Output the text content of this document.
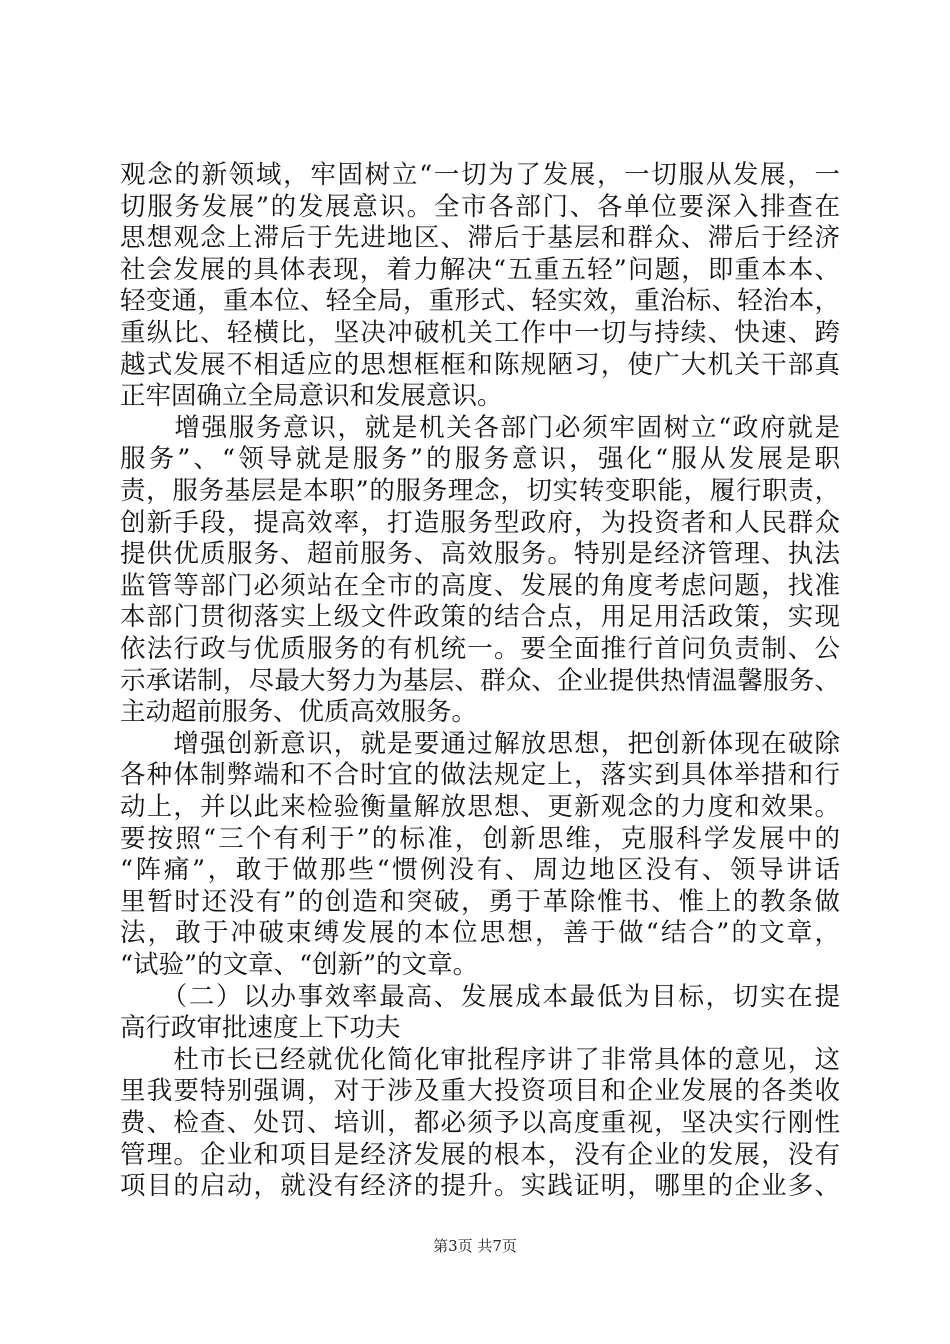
观念的新领域，牢固树立“一切为了发展，一切服从发展，一
切服务发展”的发展意识。全市各部门、各单位要深入排查在
思想观念上滞后于先进地区、滞后于基层和群众、滞后于经济
社会发展的具体表现，着力解决“五重五轻”问题，即重本本、
轻变通，重本位、轻全局，重形式、轻实效，重治标、轻治本，
重纵比、轻横比，坚决冲破机关工作中一切与持续、快速、跨
越式发展不相适应的思想框框和陈规陋习，使广大机关干部真
正牢固确立全局意识和发展意识。
　　增强服务意识，就是机关各部门必须牢固树立“政府就是
服务”、“领导就是服务”的服务意识，强化“服从发展是职
责，服务基层是本职”的服务理念，切实转变职能，履行职责，
创新手段，提高效率，打造服务型政府，为投资者和人民群众
提供优质服务、超前服务、高效服务。特别是经济管理、执法
监管等部门必须站在全市的高度、发展的角度考虑问题，找准
本部门贯彻落实上级文件政策的结合点，用足用活政策，实现
依法行政与优质服务的有机统一。要全面推行首问负责制、公
示承诺制，尽最大努力为基层、群众、企业提供热情温馨服务、
主动超前服务、优质高效服务。
　　增强创新意识，就是要通过解放思想，把创新体现在破除
各种体制弊端和不合时宜的做法规定上，落实到具体举措和行
动上，并以此来检验衡量解放思想、更新观念的力度和效果。
要按照“三个有利于”的标准，创新思维，克服科学发展中的
“阵痛”，敢于做那些“惯例没有、周边地区没有、领导讲话
里暂时还没有”的创造和突破，勇于革除惟书、惟上的教条做
法，敢于冲破束缚发展的本位思想，善于做“结合”的文章，
“试验”的文章、“创新”的文章。
　　（二）以办事效率最高、发展成本最低为目标，切实在提
高行政审批速度上下功夫
　　杜市长已经就优化简化审批程序讲了非常具体的意见，这
里我要特别强调，对于涉及重大投资项目和企业发展的各类收
费、检查、处罚、培训，都必须予以高度重视，坚决实行刚性
管理。企业和项目是经济发展的根本，没有企业的发展，没有
项目的启动，就没有经济的提升。实践证明，哪里的企业多、
第3页 共7页
